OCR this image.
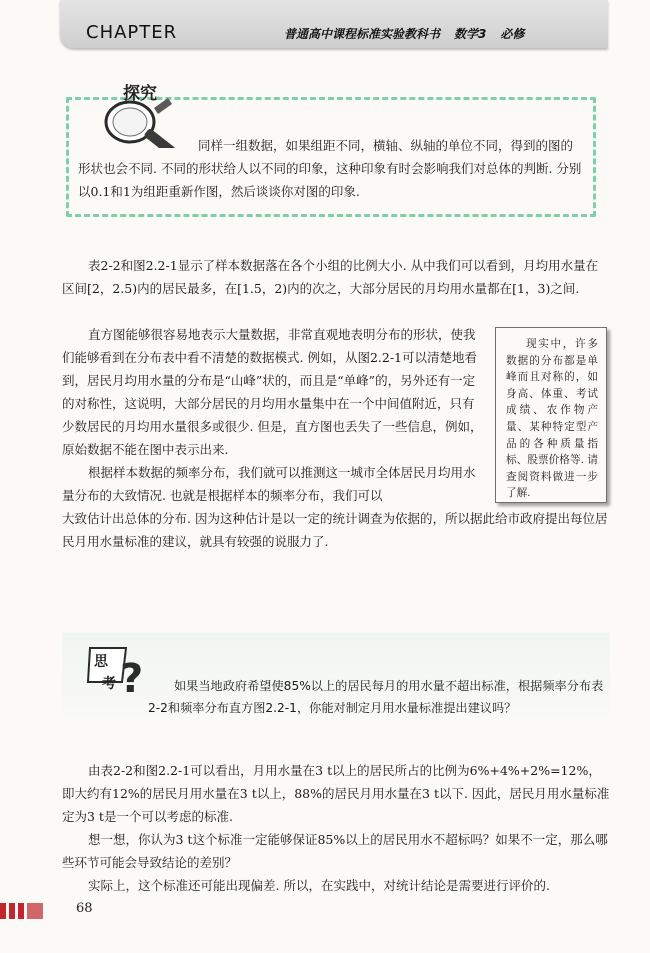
CHAPTER	普通高中课程标准实验教科书 数学3 必修
探究

同样一组数据，如果组距不同，横轴、纵轴的单位不同，得到的图的形状也会不同. 不同的形状给人以不同的印象，这种印象有时会影响我们对总体的判断. 分别以0.1和1为组距重新作图，然后谈谈你对图的印象.

表2-2和图2.2-1显示了样本数据落在各个小组的比例大小. 从中我们可以看到，月均用水量在区间[2，2.5)内的居民最多，在[1.5，2)内的次之，大部分居民的月均用水量都在[1，3)之间.

直方图能够很容易地表示大量数据，非常直观地表明分布的形状，使我们能够看到在分布表中看不清楚的数据模式. 例如，从图2.2-1可以清楚地看到，居民月均用水量的分布是“山峰”状的，而且是“单峰”的，另外还有一定的对称性，这说明，大部分居民的月均用水量集中在一个中间值附近，只有少数居民的月均用水量很多或很少. 但是，直方图也丢失了一些信息，例如，原始数据不能在图中表示出来.

根据样本数据的频率分布，我们就可以推测这一城市全体居民月均用水量分布的大致情况. 也就是根据样本的频率分布，我们可以

大致估计出总体的分布. 因为这种估计是以一定的统计调查为依据的，所以据此给市政府提出每位居民月用水量标准的建议，就具有较强的说服力了.

现实中，许多数据的分布都是单峰而且对称的，如身高、体重、考试成绩、农作物产量、某种特定型产品的各种质量指标、股票价格等. 请查阅资料做进一步了解.

思
考 ?	如果当地政府希望使85%以上的居民每月的用水量不超出标准，根据频率分布表2-2和频率分布直方图2.2-1，你能对制定月用水量标准提出建议吗？

由表2-2和图2.2-1可以看出，月用水量在3 t以上的居民所占的比例为6%+4%+2%=12%，即大约有12%的居民月用水量在3 t以上，88%的居民月用水量在3 t以下. 因此，居民月用水量标准定为3 t是一个可以考虑的标准.

想一想，你认为3 t这个标准一定能够保证85%以上的居民用水不超标吗？如果不一定，那么哪些环节可能会导致结论的差别？

实际上，这个标准还可能出现偏差. 所以，在实践中，对统计结论是需要进行评价的.

68
